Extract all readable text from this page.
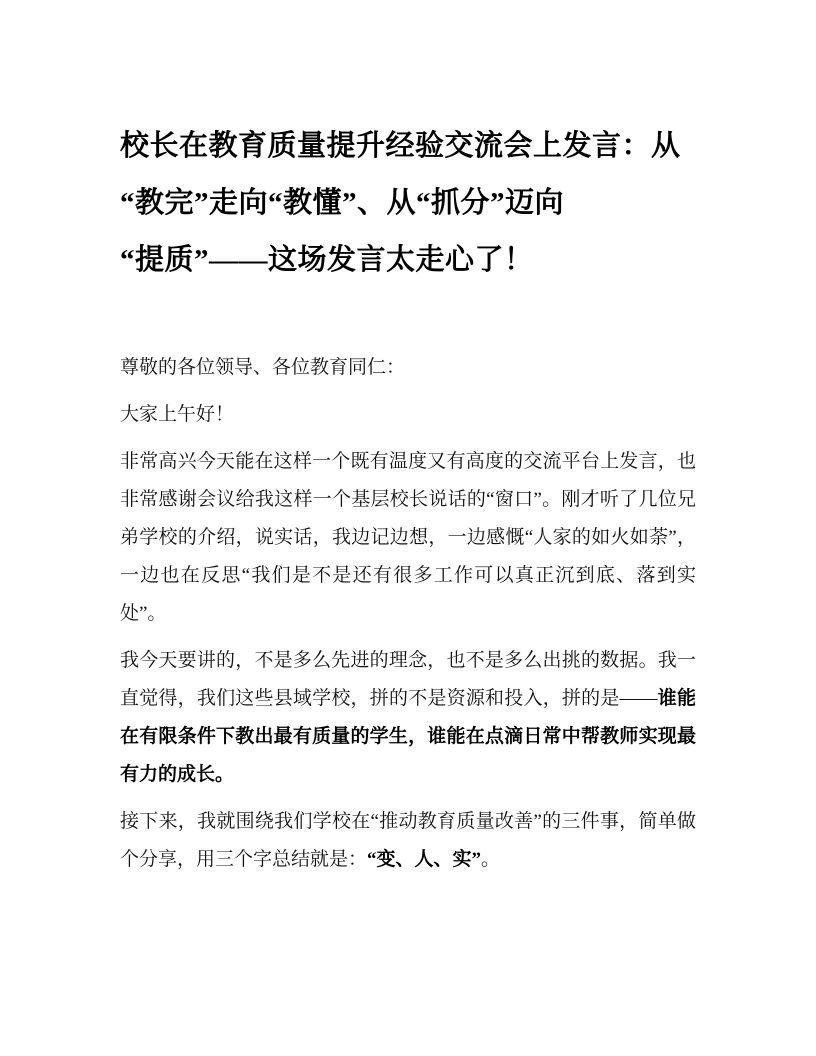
校长在教育质量提升经验交流会上发言：从
“教完”走向“教懂”、从“抓分”迈向
“提质”——这场发言太走心了！

尊敬的各位领导、各位教育同仁：

大家上午好！

非常高兴今天能在这样一个既有温度又有高度的交流平台上发言，也非常感谢会议给我这样一个基层校长说话的“窗口”。刚才听了几位兄弟学校的介绍，说实话，我边记边想，一边感慨“人家的如火如荼”，一边也在反思“我们是不是还有很多工作可以真正沉到底、落到实处”。

我今天要讲的，不是多么先进的理念，也不是多么出挑的数据。我一直觉得，我们这些县域学校，拼的不是资源和投入，拼的是——谁能在有限条件下教出最有质量的学生，谁能在点滴日常中帮教师实现最有力的成长。

接下来，我就围绕我们学校在“推动教育质量改善”的三件事，简单做个分享，用三个字总结就是：“变、人、实”。
